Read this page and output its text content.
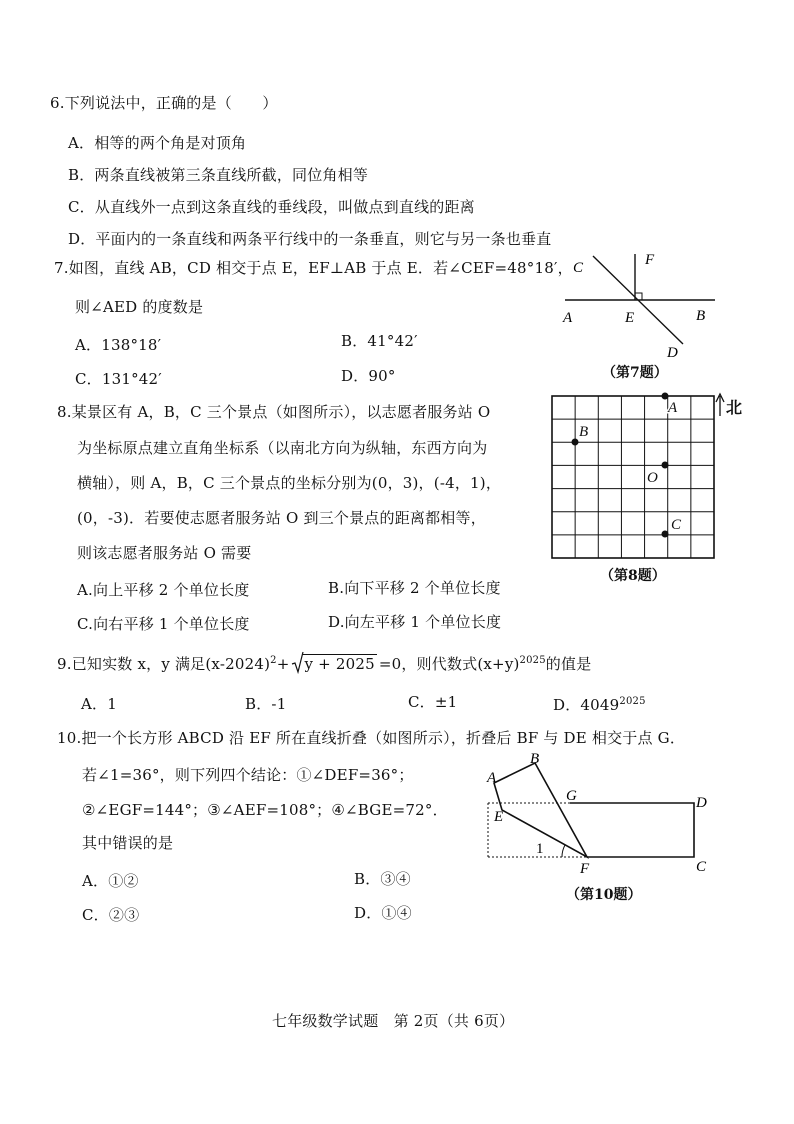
6.下列说法中，正确的是（　　）
A．相等的两个角是对顶角
B．两条直线被第三条直线所截，同位角相等
C．从直线外一点到这条直线的垂线段，叫做点到直线的距离
D．平面内的一条直线和两条平行线中的一条垂直，则它与另一条也垂直
7.如图，直线 AB，CD 相交于点 E，EF⊥AB 于点 E．若∠CEF=48°18′，
则∠AED 的度数是
A．138°18′	B．41°42′
C．131°42′	D．90°
C	F
A	E	B
D
（第7题）
8.某景区有 A，B，C 三个景点（如图所示），以志愿者服务站 O
为坐标原点建立直角坐标系（以南北方向为纵轴，东西方向为
横轴），则 A，B，C 三个景点的坐标分别为(0，3)，(-4，1)，
(0，-3)．若要使志愿者服务站 O 到三个景点的距离都相等，
则该志愿者服务站 O 需要
A.向上平移 2 个单位长度	B.向下平移 2 个单位长度
C.向右平移 1 个单位长度	D.向左平移 1 个单位长度
A
B
O
C
北
（第8题）
9.已知实数 x，y 满足$(x-2024)^2+ y + 2025 =0$，则代数式$(x+y)^{2025}$的值是
A．1	B．-1	C．±1	D．$4049^{2025}$
10.把一个长方形 ABCD 沿 EF 所在直线折叠（如图所示），折叠后 BF 与 DE 相交于点 G．
若∠1=36°，则下列四个结论：①∠DEF=36°；
②∠EGF=144°；③∠AEF=108°；④∠BGE=72°．
其中错误的是
A．①②	B．③④
C．②③	D．①④
A
B
G	D
E
1
F	C
（第10题）
七年级数学试题　第 2页（共 6页）
